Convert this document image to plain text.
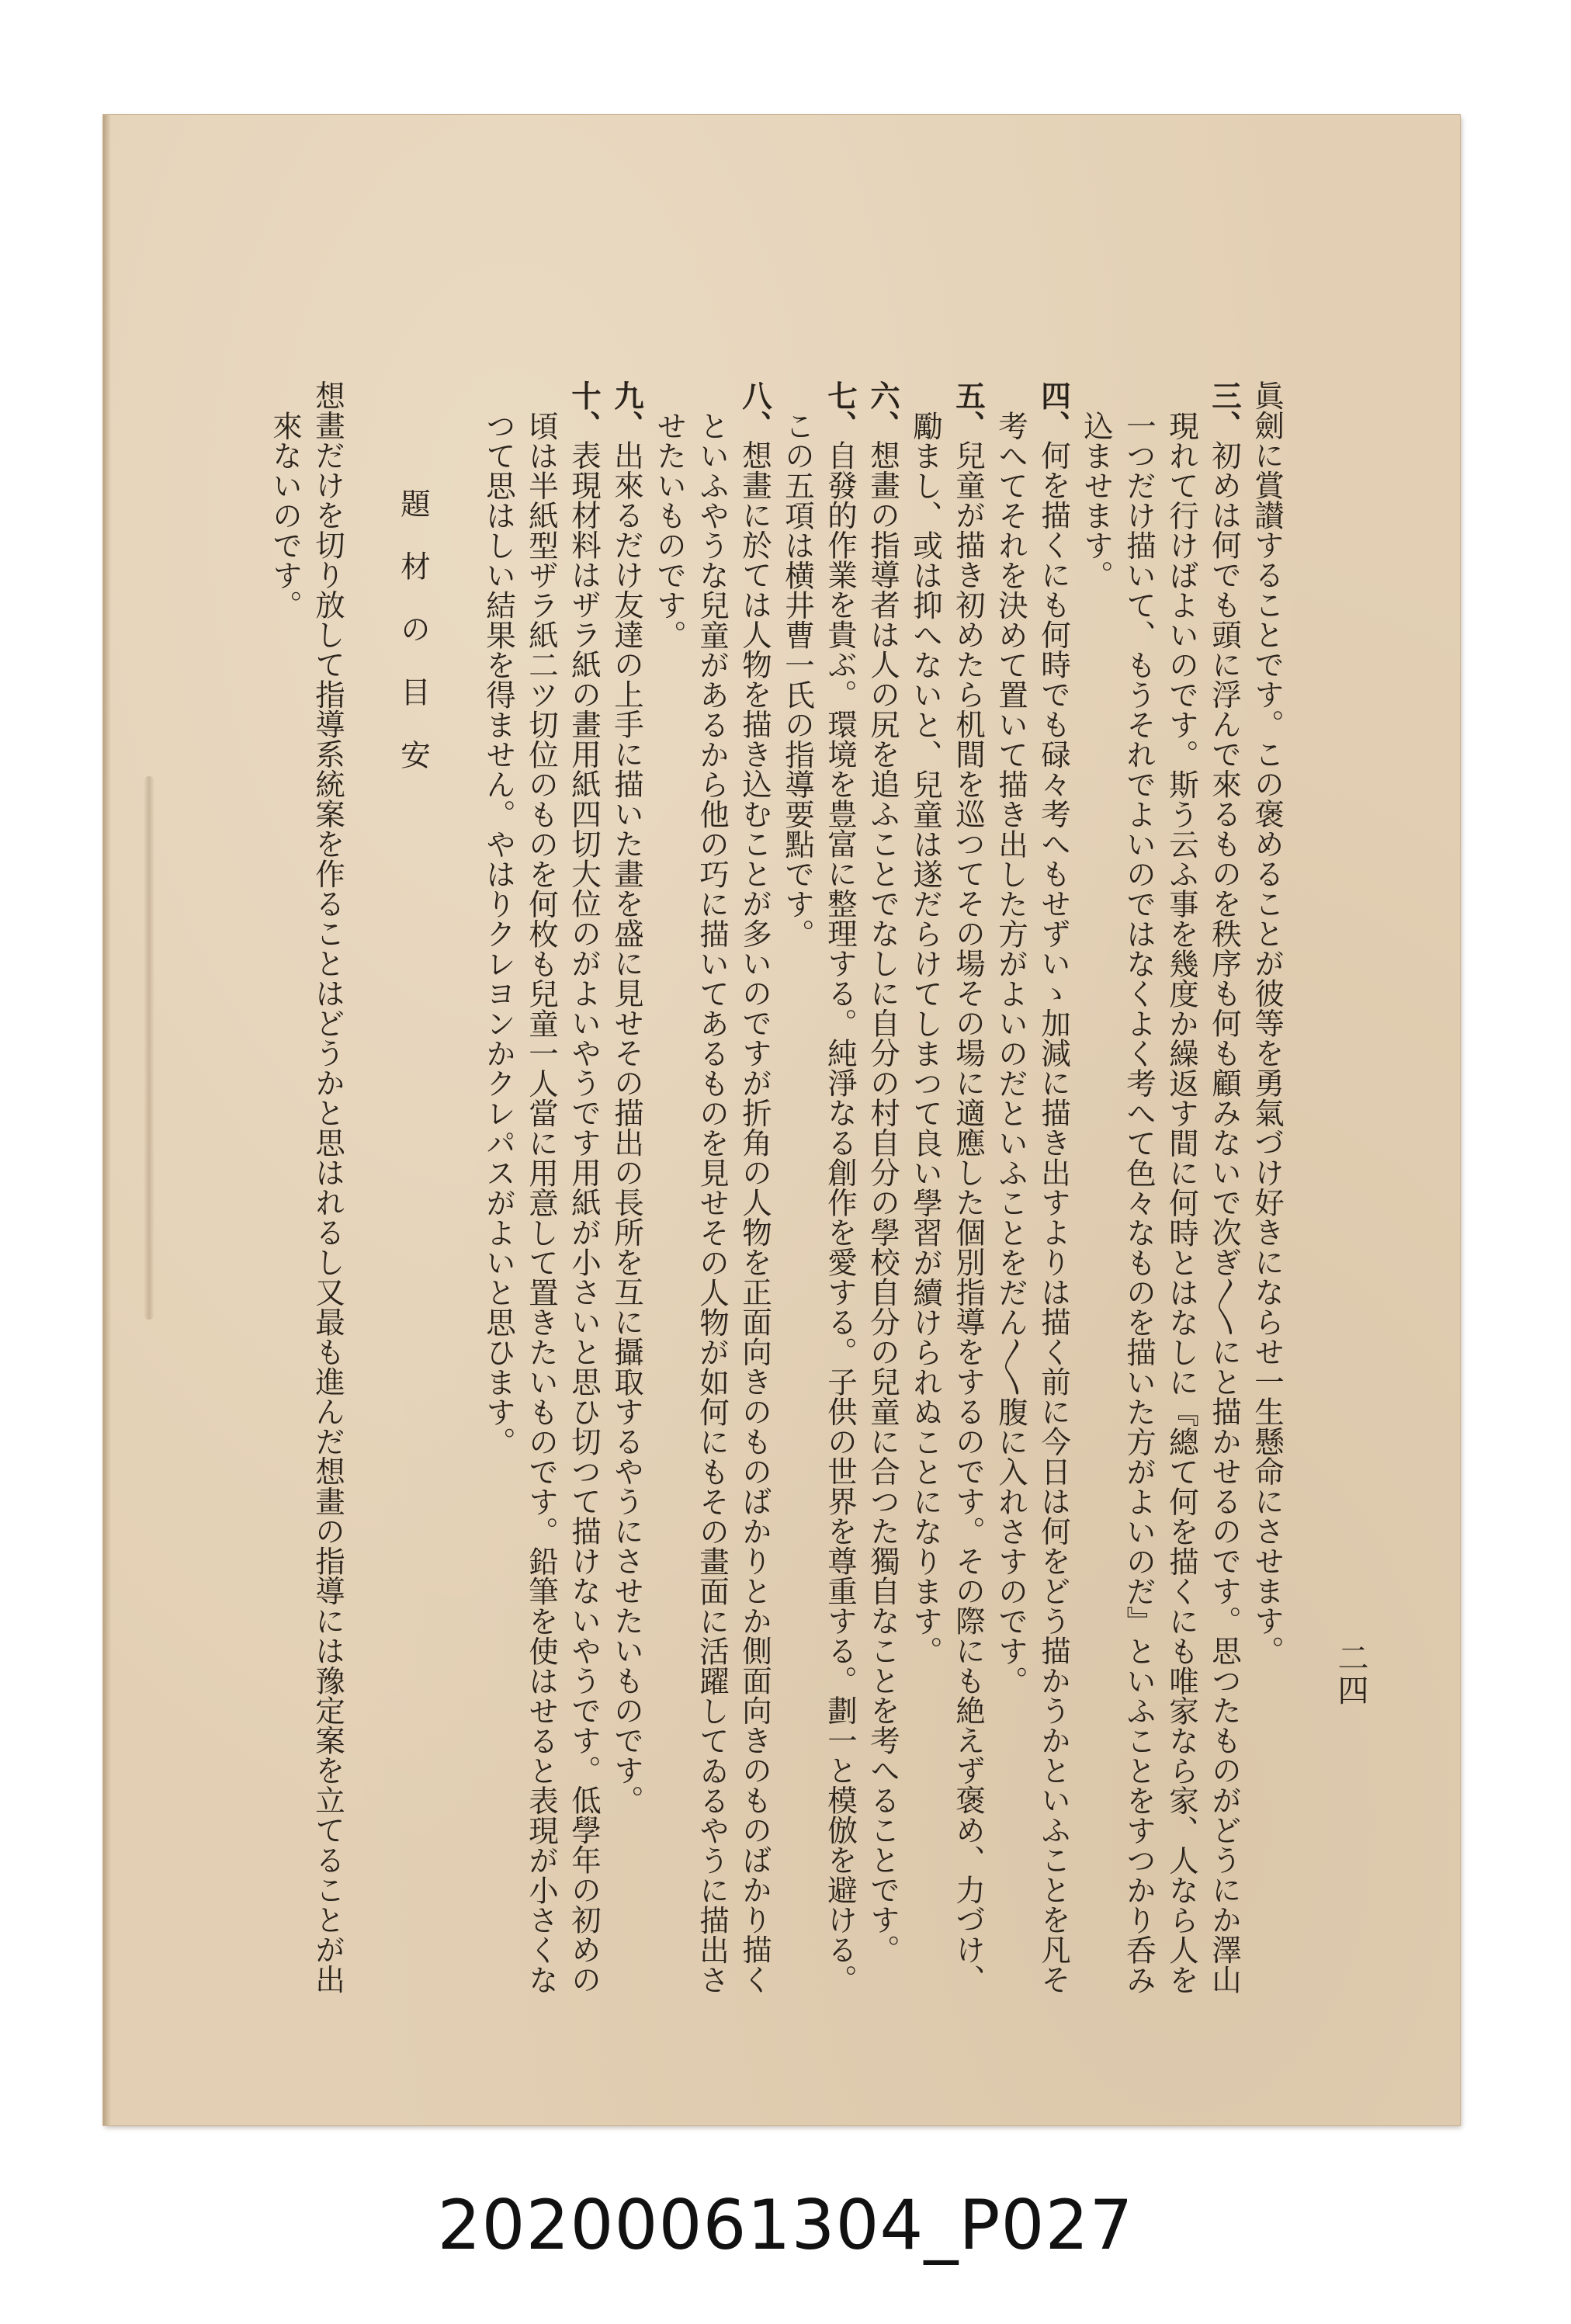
二四

眞劍に賞讃することです。この褒めることが彼等を勇氣づけ好きにならせ一生懸命にさせます。

三、初めは何でも頭に浮んで來るものを秩序も何も顧みないで次ぎ〳〵にと描かせるのです。思つたものがどうにか澤山現れて行けばよいのです。斯う云ふ事を幾度か繰返す間に何時とはなしに『總て何を描くにも唯家なら家、人なら人を一つだけ描いて、もうそれでよいのではなくよく考へて色々なものを描いた方がよいのだ』といふことをすつかり呑み込ませます。

四、何を描くにも何時でも碌々考へもせずいゝ加減に描き出すよりは描く前に今日は何をどう描かうかといふことを凡そ考へてそれを決めて置いて描き出した方がよいのだといふことをだん〳〵腹に入れさすのです。

五、兒童が描き初めたら机間を巡つてその場その場に適應した個別指導をするのです。その際にも絶えず褒め、力づけ、勵まし、或は抑へないと、兒童は遂だらけてしまつて良い學習が續けられぬことになります。

六、想畫の指導者は人の尻を追ふことでなしに自分の村自分の學校自分の兒童に合つた獨自なことを考へることです。

七、自發的作業を貴ぶ。環境を豊富に整理する。純淨なる創作を愛する。子供の世界を尊重する。劃一と模倣を避ける。この五項は横井曹一氏の指導要點です。

八、想畫に於ては人物を描き込むことが多いのですが折角の人物を正面向きのものばかりとか側面向きのものばかり描くといふやうな兒童があるから他の巧に描いてあるものを見せその人物が如何にもその畫面に活躍してゐるやうに描出させたいものです。

九、出來るだけ友達の上手に描いた畫を盛に見せその描出の長所を互に攝取するやうにさせたいものです。

十、表現材料はザラ紙の畫用紙四切大位のがよいやうです用紙が小さいと思ひ切つて描けないやうです。低學年の初めの頃は半紙型ザラ紙二ツ切位のものを何枚も兒童一人當に用意して置きたいものです。鉛筆を使はせると表現が小さくなつて思はしい結果を得ません。やはりクレヨンかクレパスがよいと思ひます。

題材の目安

想畫だけを切り放して指導系統案を作ることはどうかと思はれるし又最も進んだ想畫の指導には豫定案を立てることが出來ないのです。

20200061304_P027
